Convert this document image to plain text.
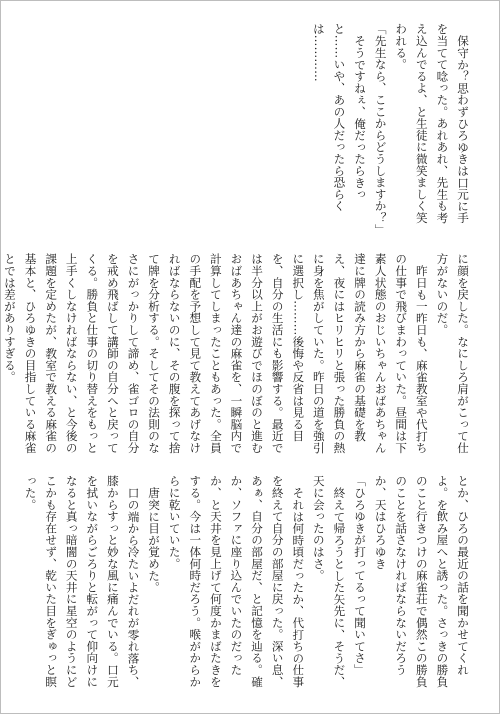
保守か？思わずひろゆきは口元に手を当てて唸った。あれあれ、先生も考え込んでるよ、と生徒に微笑ましく笑われる。

「先生なら、ここからどうしますか？」

そうですねぇ、俺だったらきっと……いや、あの人だったら恐らくは…………

に顔を戻した。なにしろ肩がこって仕方がないのだ。

昨日も一昨日も、麻雀教室や代打ちの仕事で飛びまわっていた。昼間は下素人状態のおじいちゃんおばあちゃん達に牌の読み方から麻雀の基礎を教え、夜にはヒリヒリと張った勝負の熱に身を焦がしていた。昨日の道を強引に選択し………後悔や反省は見る目を、自分の生活にも影響する。最近では半分以上がお遊びでほのぼのと進むおばあちゃん達の麻雀を、一瞬脳内で計算してしまったこともあった。全員の手配を予想して見て教えてあげなければならないのに、その腹を探って捨て牌を分析する。そしてその法則のなさにがっかりして諦め、雀ゴロの自分を戒め飛ばして講師の自分へと戻ってくる。勝負と仕事の切り替えをもっと上手くしなければならない、と今後の課題を定めたが、教室で教える麻雀の基本と、ひろゆきの目指している麻雀とでは差がありすぎる。

とか、ひろの最近の話を聞かせてくれよ。を飲み屋へと誘った。さっきの勝負のこと行きつけの麻雀荘で偶然この勝負のことを話さなければならないだろうか、天はひろゆき

「ひろゆきが打ってるって聞いてさ」

終えて帰ろうとした矢先に、そうだ、天に会ったのはさ。

それは何時頃だったか、代打ちの仕事を終えて自分の部屋に戻った。深い息、あぁ、自分の部屋だ、と記憶を辿る。確か、ソファに座り込んでいたのだったか、と天井を見上げて何度かまばたきをする。今は一体何時だろう。喉がからからに乾いていた。

唐突に目が覚めた。

口の端から冷たいよだれが零れ落ち、膝からすっと妙な風に痛んでいる。口元を拭いながらごろりと転がって仰向けになると真っ暗闇の天井に星空のようにどこかも存在せず、乾いた目をぎゅっと瞑った。
